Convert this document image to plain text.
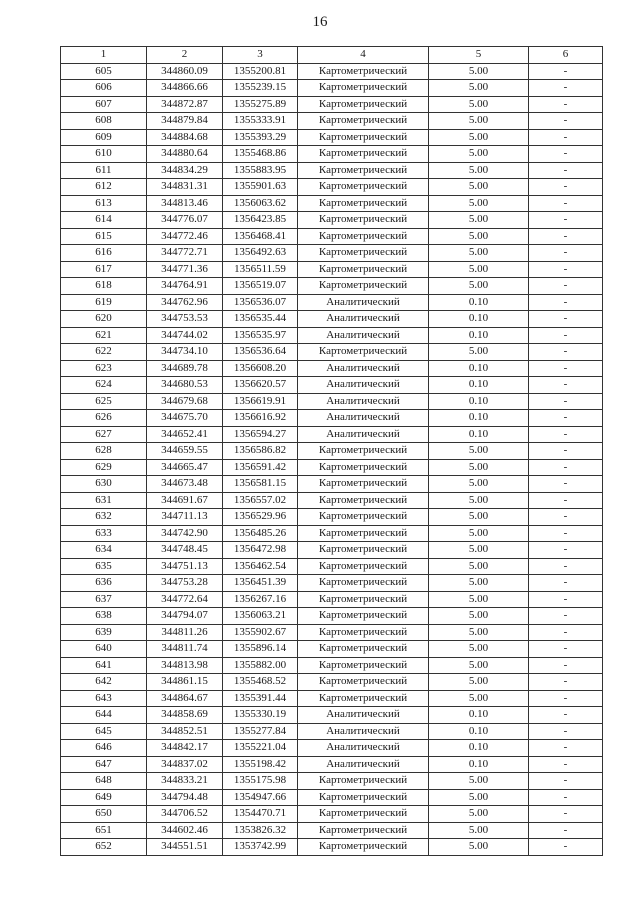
16
1	2	3	4	5	6
605	344860.09	1355200.81	Картометрический	5.00	-
606	344866.66	1355239.15	Картометрический	5.00	-
607	344872.87	1355275.89	Картометрический	5.00	-
608	344879.84	1355333.91	Картометрический	5.00	-
609	344884.68	1355393.29	Картометрический	5.00	-
610	344880.64	1355468.86	Картометрический	5.00	-
611	344834.29	1355883.95	Картометрический	5.00	-
612	344831.31	1355901.63	Картометрический	5.00	-
613	344813.46	1356063.62	Картометрический	5.00	-
614	344776.07	1356423.85	Картометрический	5.00	-
615	344772.46	1356468.41	Картометрический	5.00	-
616	344772.71	1356492.63	Картометрический	5.00	-
617	344771.36	1356511.59	Картометрический	5.00	-
618	344764.91	1356519.07	Картометрический	5.00	-
619	344762.96	1356536.07	Аналитический	0.10	-
620	344753.53	1356535.44	Аналитический	0.10	-
621	344744.02	1356535.97	Аналитический	0.10	-
622	344734.10	1356536.64	Картометрический	5.00	-
623	344689.78	1356608.20	Аналитический	0.10	-
624	344680.53	1356620.57	Аналитический	0.10	-
625	344679.68	1356619.91	Аналитический	0.10	-
626	344675.70	1356616.92	Аналитический	0.10	-
627	344652.41	1356594.27	Аналитический	0.10	-
628	344659.55	1356586.82	Картометрический	5.00	-
629	344665.47	1356591.42	Картометрический	5.00	-
630	344673.48	1356581.15	Картометрический	5.00	-
631	344691.67	1356557.02	Картометрический	5.00	-
632	344711.13	1356529.96	Картометрический	5.00	-
633	344742.90	1356485.26	Картометрический	5.00	-
634	344748.45	1356472.98	Картометрический	5.00	-
635	344751.13	1356462.54	Картометрический	5.00	-
636	344753.28	1356451.39	Картометрический	5.00	-
637	344772.64	1356267.16	Картометрический	5.00	-
638	344794.07	1356063.21	Картометрический	5.00	-
639	344811.26	1355902.67	Картометрический	5.00	-
640	344811.74	1355896.14	Картометрический	5.00	-
641	344813.98	1355882.00	Картометрический	5.00	-
642	344861.15	1355468.52	Картометрический	5.00	-
643	344864.67	1355391.44	Картометрический	5.00	-
644	344858.69	1355330.19	Аналитический	0.10	-
645	344852.51	1355277.84	Аналитический	0.10	-
646	344842.17	1355221.04	Аналитический	0.10	-
647	344837.02	1355198.42	Аналитический	0.10	-
648	344833.21	1355175.98	Картометрический	5.00	-
649	344794.48	1354947.66	Картометрический	5.00	-
650	344706.52	1354470.71	Картометрический	5.00	-
651	344602.46	1353826.32	Картометрический	5.00	-
652	344551.51	1353742.99	Картометрический	5.00	-
